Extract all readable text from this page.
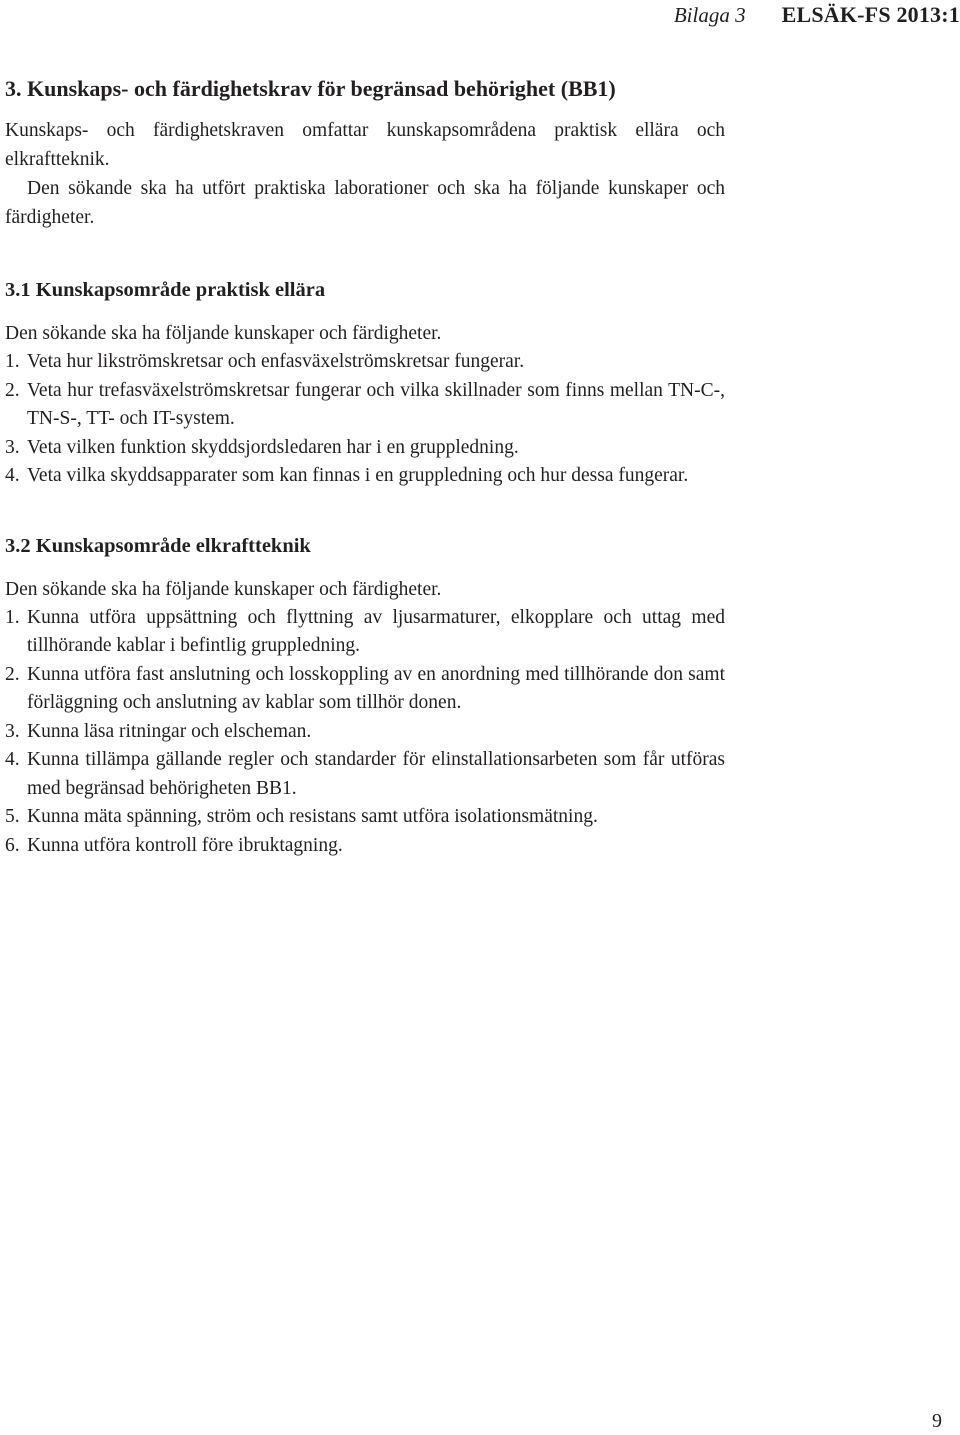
Bilaga 3 ELSÄK-FS 2013:1
3. Kunskaps- och färdighetskrav för begränsad behörighet (BB1)

Kunskaps- och färdighetskraven omfattar kunskapsområdena praktisk ellära och elkraftteknik.

Den sökande ska ha utfört praktiska laborationer och ska ha följande kunskaper och färdigheter.

3.1 Kunskapsområde praktisk ellära

Den sökande ska ha följande kunskaper och färdigheter.

1. Veta hur likströmskretsar och enfasväxelströmskretsar fungerar.
2. Veta hur trefasväxelströmskretsar fungerar och vilka skillnader som finns mellan TN-C-, TN-S-, TT- och IT-system.
3. Veta vilken funktion skyddsjordsledaren har i en gruppledning.
4. Veta vilka skyddsapparater som kan finnas i en gruppledning och hur dessa fungerar.
3.2 Kunskapsområde elkraftteknik

Den sökande ska ha följande kunskaper och färdigheter.

1. Kunna utföra uppsättning och flyttning av ljusarmaturer, elkopplare och uttag med tillhörande kablar i befintlig gruppledning.
2. Kunna utföra fast anslutning och losskoppling av en anordning med tillhörande don samt förläggning och anslutning av kablar som tillhör donen.
3. Kunna läsa ritningar och elscheman.
4. Kunna tillämpa gällande regler och standarder för elinstallationsarbeten som får utföras med begränsad behörigheten BB1.
5. Kunna mäta spänning, ström och resistans samt utföra isolationsmätning.
6. Kunna utföra kontroll före ibruktagning.
9
